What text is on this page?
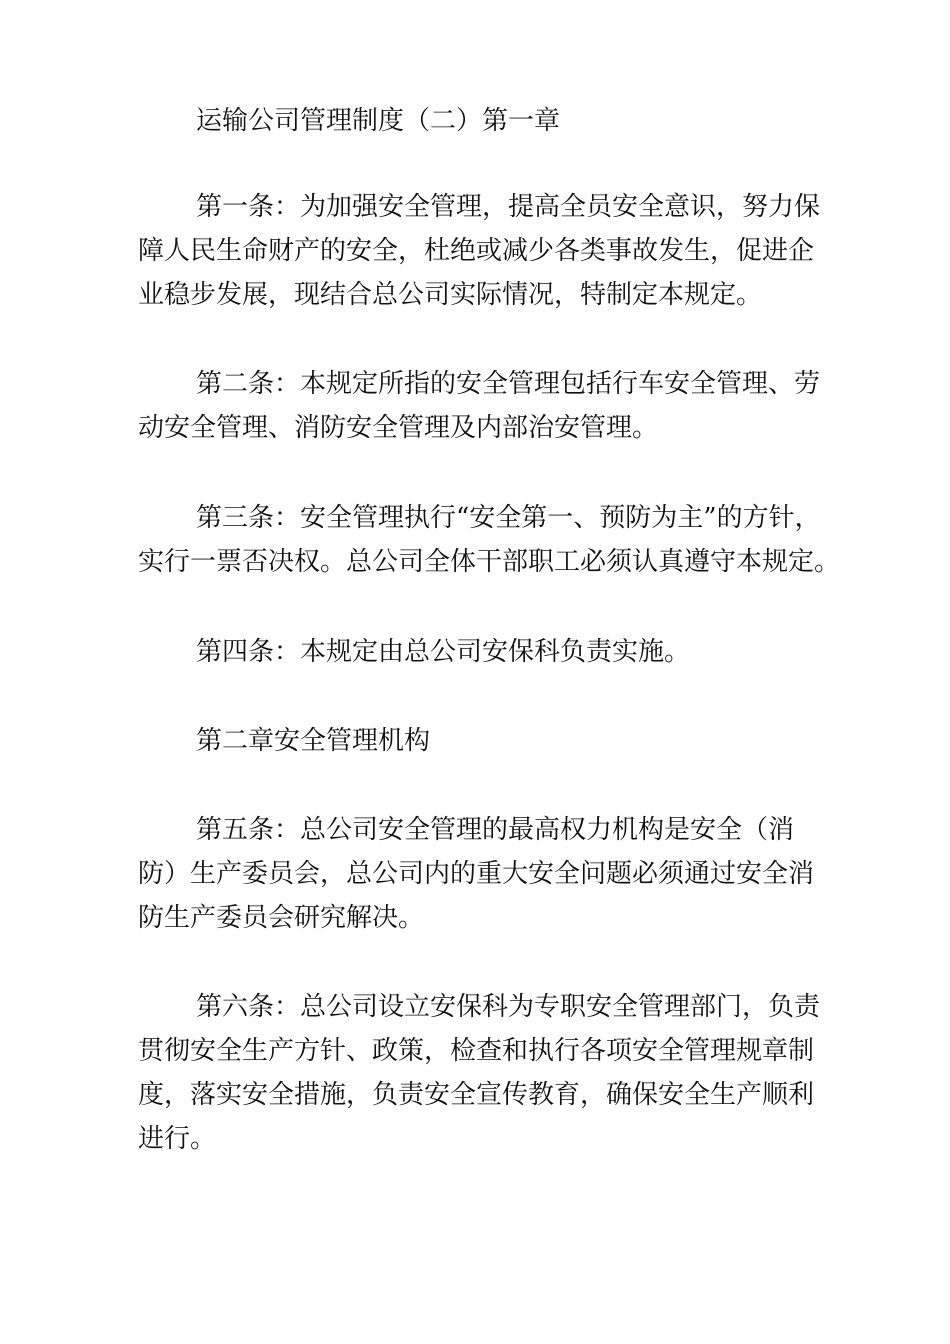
运输公司管理制度（二）第一章

第一条：为加强安全管理，提高全员安全意识，努力保

障人民生命财产的安全，杜绝或减少各类事故发生，促进企

业稳步发展，现结合总公司实际情况，特制定本规定。

第二条：本规定所指的安全管理包括行车安全管理、劳

动安全管理、消防安全管理及内部治安管理。

第三条：安全管理执行“安全第一、预防为主”的方针，

实行一票否决权。总公司全体干部职工必须认真遵守本规定。

第四条：本规定由总公司安保科负责实施。

第二章安全管理机构

第五条：总公司安全管理的最高权力机构是安全（消

防）生产委员会，总公司内的重大安全问题必须通过安全消

防生产委员会研究解决。

第六条：总公司设立安保科为专职安全管理部门，负责

贯彻安全生产方针、政策，检查和执行各项安全管理规章制

度，落实安全措施，负责安全宣传教育，确保安全生产顺利

进行。
